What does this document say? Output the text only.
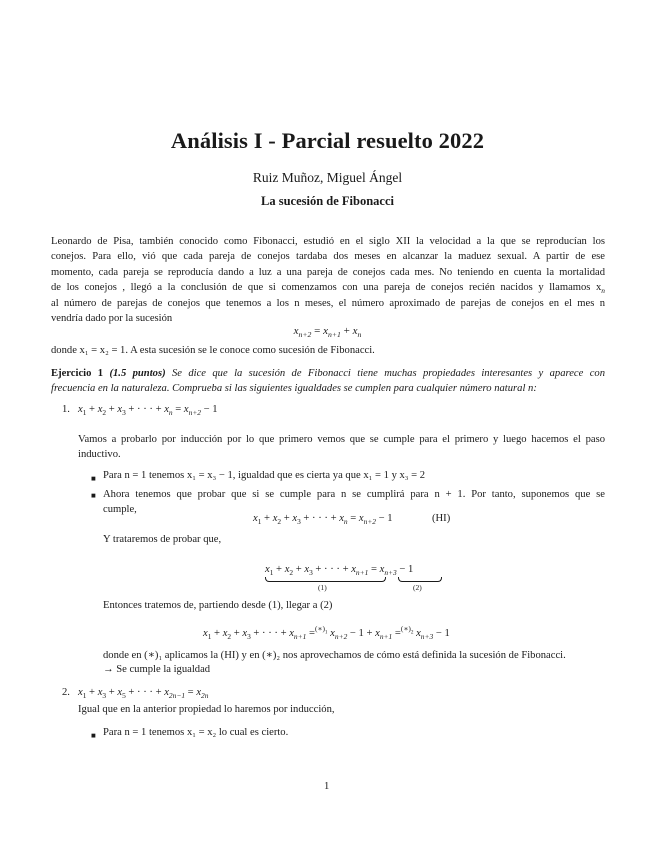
Análisis I - Parcial resuelto 2022
Ruiz Muñoz, Miguel Ángel
La sucesión de Fibonacci
Leonardo de Pisa, también conocido como Fibonacci, estudió en el siglo XII la velocidad a la que se reproducían los
conejos. Para ello, vió que cada pareja de conejos tardaba dos meses en alcanzar la maduez sexual. A partir de ese
momento, cada pareja se reproducía dando a luz a una pareja de conejos cada mes. No teniendo en cuenta la mortalidad
de los conejos , llegó a la conclusión de que si comenzamos con una pareja de conejos recién nacidos y llamamos $x_n$
al número de parejas de conejos que tenemos a los n meses, el número aproximado de parejas de conejos en el mes n
vendría dado por la sucesión
$x_{n+2} = x_{n+1} + x_n$
donde x₁ = x₂ = 1. A esta sucesión se le conoce como sucesión de Fibonacci.
Ejercicio 1 (1.5 puntos) Se dice que la sucesión de Fibonacci tiene muchas propiedades interesantes y aparece con
frecuencia en la naturaleza. Comprueba si las siguientes igualdades se cumplen para cualquier número natural n:
1. $x_1 + x_2 + x_3$ + · · · + $x_n = x_{n+2} - 1$
Vamos a probarlo por inducción por lo que primero vemos que se cumple para el primero y luego hacemos el paso
inductivo.
■ Para n = 1 tenemos x₁ = x₃ − 1, igualdad que es cierta ya que x₁ = 1 y x₃ = 2
■ Ahora tenemos que probar que si se cumple para n se cumplirá para n + 1. Por tanto, suponemos que se
cumple,
$x_1 + x_2 + x_3$ + · · · + $x_n = x_{n+2} - 1$	(HI)
Y trataremos de probar que,
$x_1 + x_2 + x_3$ + · · · + $x_{n+1} = x_{n+3} - 1$
(1)	(2)
Entonces tratemos de, partiendo desde (1), llegar a (2)
$x_1 + x_2 + x_3$ + · · · + $x_{n+1} =^{(∗)_1}$ $x_{n+2} - 1 + x_{n+1} =^{(∗)_2}$ $x_{n+3} - 1$
donde en (∗)₁ aplicamos la (HI) y en (∗)₂ nos aprovechamos de cómo está definida la sucesión de Fibonacci.
→ Se cumple la igualdad
2. $x_1 + x_3 + x_5$ + · · · + $x_{2n-1} = x_{2n}$
Igual que en la anterior propiedad lo haremos por inducción,
■ Para n = 1 tenemos x₁ = x₂ lo cual es cierto.
1
